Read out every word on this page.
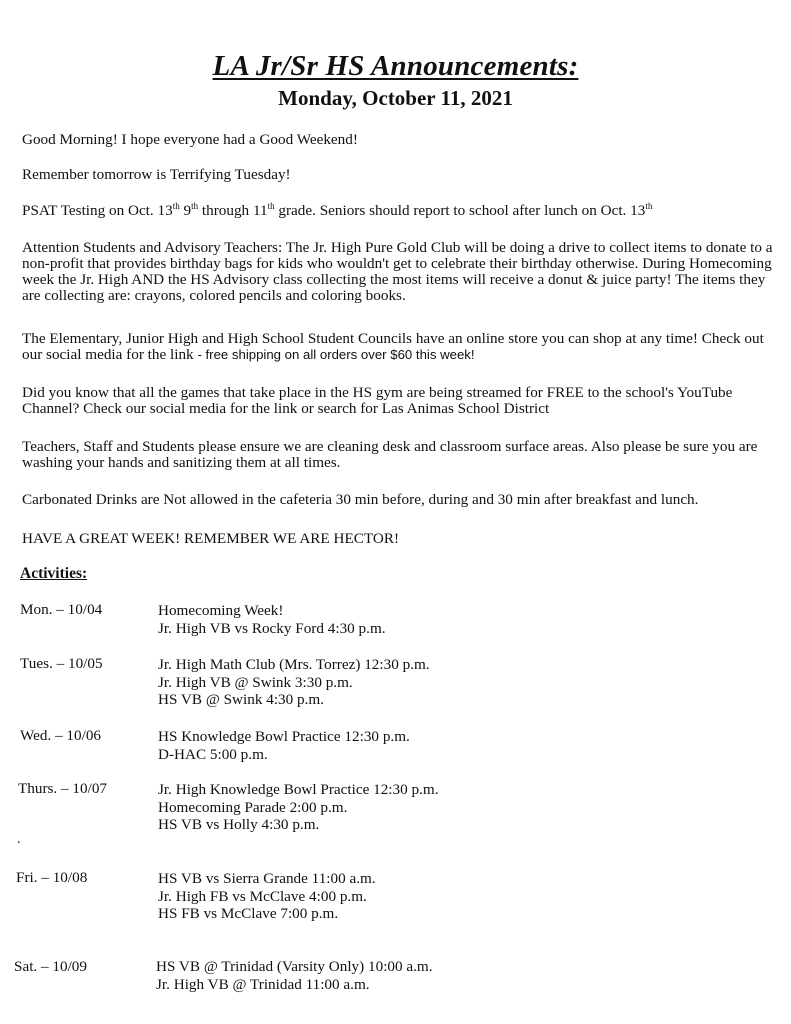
LA Jr/Sr HS Announcements:
Monday, October 11, 2021

Good Morning! I hope everyone had a Good Weekend!

Remember tomorrow is Terrifying Tuesday!

PSAT Testing on Oct. 13th 9th through 11th grade. Seniors should report to school after lunch on Oct. 13th

Attention Students and Advisory Teachers: The Jr. High Pure Gold Club will be doing a drive to collect items to donate to a non-profit that provides birthday bags for kids who wouldn't get to celebrate their birthday otherwise. During Homecoming week the Jr. High AND the HS Advisory class collecting the most items will receive a donut & juice party! The items they are collecting are: crayons, colored pencils and coloring books.

The Elementary, Junior High and High School Student Councils have an online store you can shop at any time! Check out our social media for the link - free shipping on all orders over $60 this week!

Did you know that all the games that take place in the HS gym are being streamed for FREE to the school's YouTube Channel? Check our social media for the link or search for Las Animas School District

Teachers, Staff and Students please ensure we are cleaning desk and classroom surface areas. Also please be sure you are washing your hands and sanitizing them at all times.

Carbonated Drinks are Not allowed in the cafeteria 30 min before, during and 30 min after breakfast and lunch.

HAVE A GREAT WEEK! REMEMBER WE ARE HECTOR!

Activities:
Mon. – 10/04	Homecoming Week!
Jr. High VB vs Rocky Ford 4:30 p.m.
Tues. – 10/05	Jr. High Math Club (Mrs. Torrez) 12:30 p.m.
Jr. High VB @ Swink 3:30 p.m.
HS VB @ Swink 4:30 p.m.
Wed. – 10/06	HS Knowledge Bowl Practice 12:30 p.m.
D-HAC 5:00 p.m.
Thurs. – 10/07	Jr. High Knowledge Bowl Practice 12:30 p.m.
Homecoming Parade 2:00 p.m.
HS VB vs Holly 4:30 p.m.
.
Fri. – 10/08	HS VB vs Sierra Grande 11:00 a.m.
Jr. High FB vs McClave 4:00 p.m.
HS FB vs McClave 7:00 p.m.
Sat. – 10/09	HS VB @ Trinidad (Varsity Only) 10:00 a.m.
Jr. High VB @ Trinidad 11:00 a.m.
